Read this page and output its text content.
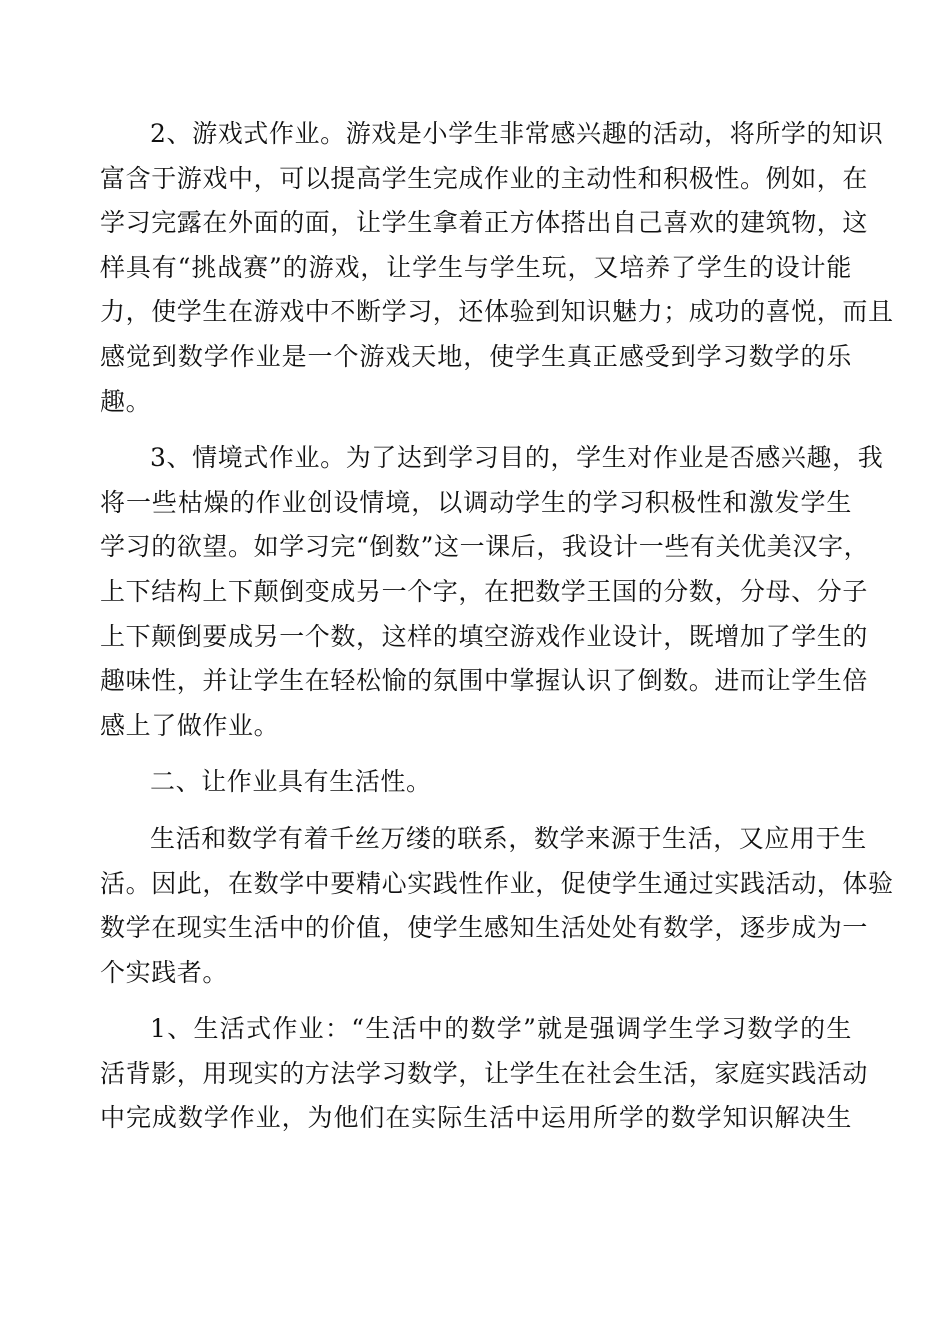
2、游戏式作业。游戏是小学生非常感兴趣的活动，将所学的知识
富含于游戏中，可以提高学生完成作业的主动性和积极性。例如，在
学习完露在外面的面，让学生拿着正方体搭出自己喜欢的建筑物，这
样具有“挑战赛”的游戏，让学生与学生玩，又培养了学生的设计能
力，使学生在游戏中不断学习，还体验到知识魅力；成功的喜悦，而且
感觉到数学作业是一个游戏天地，使学生真正感受到学习数学的乐
趣。

3、情境式作业。为了达到学习目的，学生对作业是否感兴趣，我
将一些枯燥的作业创设情境，以调动学生的学习积极性和激发学生
学习的欲望。如学习完“倒数”这一课后，我设计一些有关优美汉字，
上下结构上下颠倒变成另一个字，在把数学王国的分数，分母、分子
上下颠倒要成另一个数，这样的填空游戏作业设计，既增加了学生的
趣味性，并让学生在轻松愉的氛围中掌握认识了倒数。进而让学生倍
感上了做作业。

二、让作业具有生活性。

生活和数学有着千丝万缕的联系，数学来源于生活，又应用于生
活。因此，在数学中要精心实践性作业，促使学生通过实践活动，体验
数学在现实生活中的价值，使学生感知生活处处有数学，逐步成为一
个实践者。

1、生活式作业：“生活中的数学”就是强调学生学习数学的生
活背影，用现实的方法学习数学，让学生在社会生活，家庭实践活动
中完成数学作业，为他们在实际生活中运用所学的数学知识解决生
